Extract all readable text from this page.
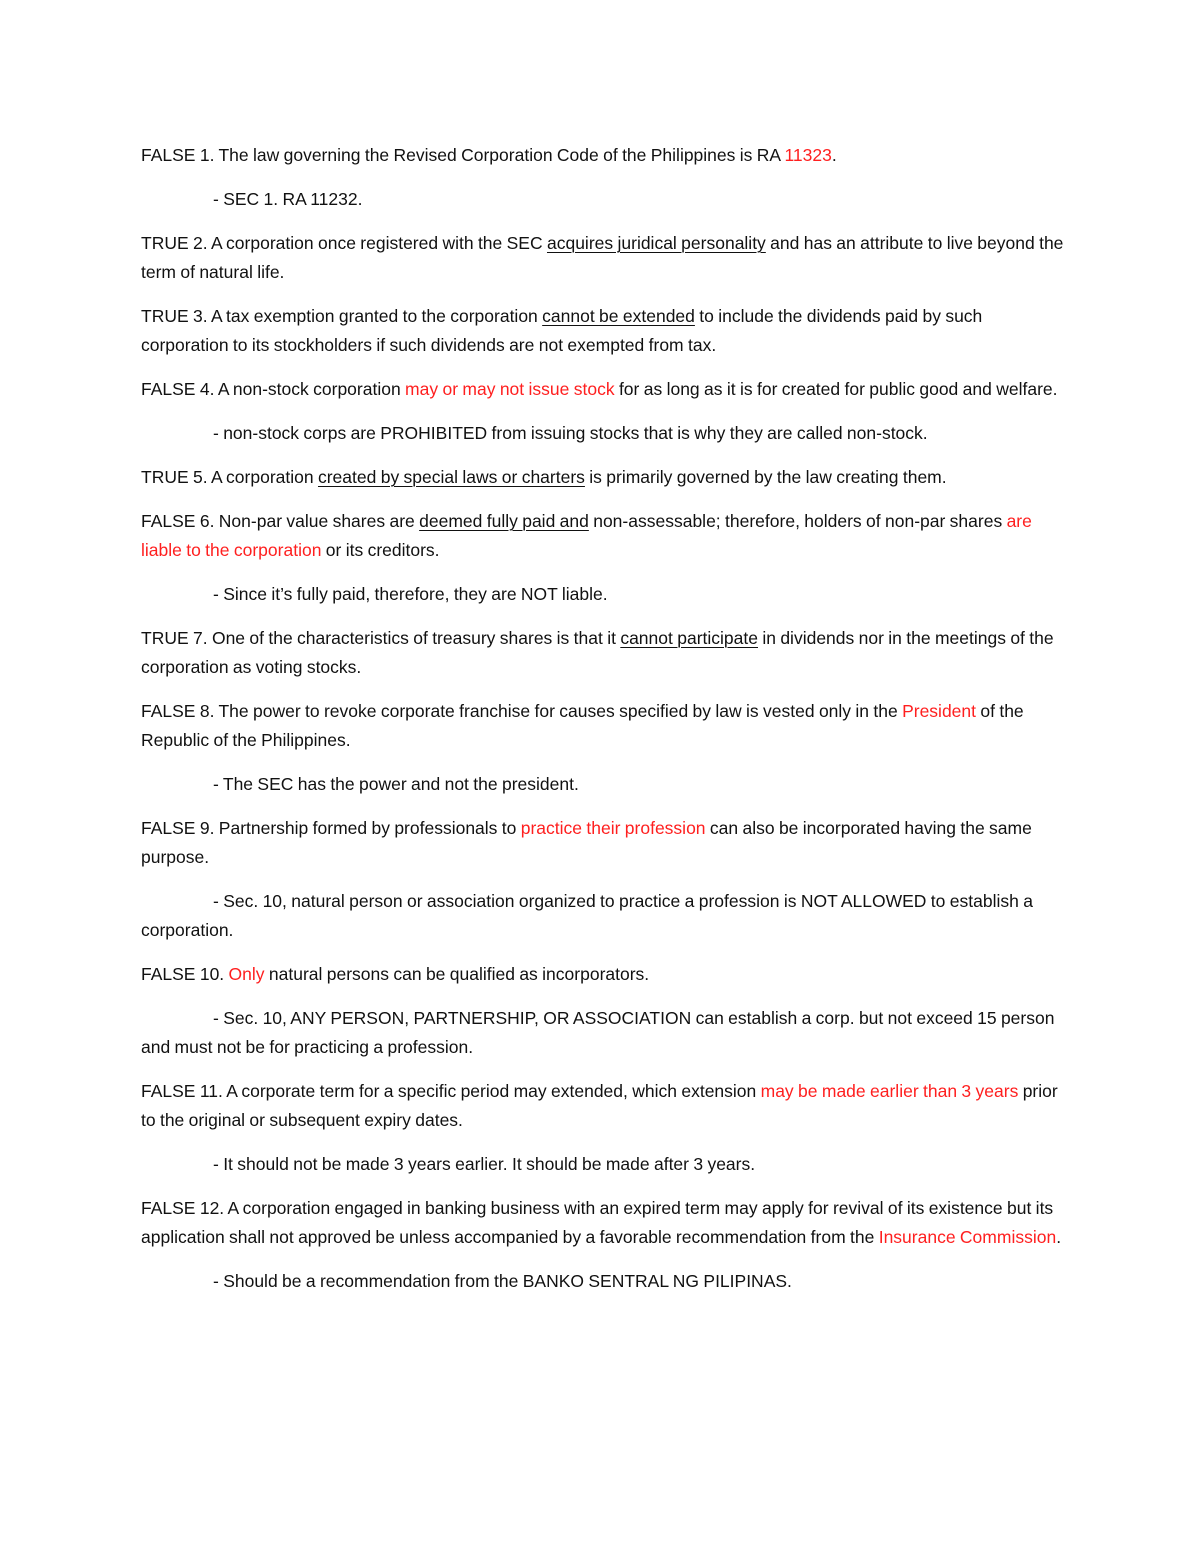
FALSE 1. The law governing the Revised Corporation Code of the Philippines is RA 11323.

- SEC 1. RA 11232.

TRUE 2. A corporation once registered with the SEC acquires juridical personality and has an attribute to live beyond the term of natural life.

TRUE 3. A tax exemption granted to the corporation cannot be extended to include the dividends paid by such corporation to its stockholders if such dividends are not exempted from tax.

FALSE 4. A non-stock corporation may or may not issue stock for as long as it is for created for public good and welfare.

- non-stock corps are PROHIBITED from issuing stocks that is why they are called non-stock.

TRUE 5. A corporation created by special laws or charters is primarily governed by the law creating them.

FALSE 6. Non-par value shares are deemed fully paid and non-assessable; therefore, holders of non-par shares are liable to the corporation or its creditors.

- Since it’s fully paid, therefore, they are NOT liable.

TRUE 7. One of the characteristics of treasury shares is that it cannot participate in dividends nor in the meetings of the corporation as voting stocks.

FALSE 8. The power to revoke corporate franchise for causes specified by law is vested only in the President of the Republic of the Philippines.

- The SEC has the power and not the president.

FALSE 9. Partnership formed by professionals to practice their profession can also be incorporated having the same purpose.

- Sec. 10, natural person or association organized to practice a profession is NOT ALLOWED to establish a corporation.

FALSE 10. Only natural persons can be qualified as incorporators.

- Sec. 10, ANY PERSON, PARTNERSHIP, OR ASSOCIATION can establish a corp. but not exceed 15 person and must not be for practicing a profession.

FALSE 11. A corporate term for a specific period may extended, which extension may be made earlier than 3 years prior to the original or subsequent expiry dates.

- It should not be made 3 years earlier. It should be made after 3 years.

FALSE 12. A corporation engaged in banking business with an expired term may apply for revival of its existence but its application shall not approved be unless accompanied by a favorable recommendation from the Insurance Commission.

- Should be a recommendation from the BANKO SENTRAL NG PILIPINAS.
